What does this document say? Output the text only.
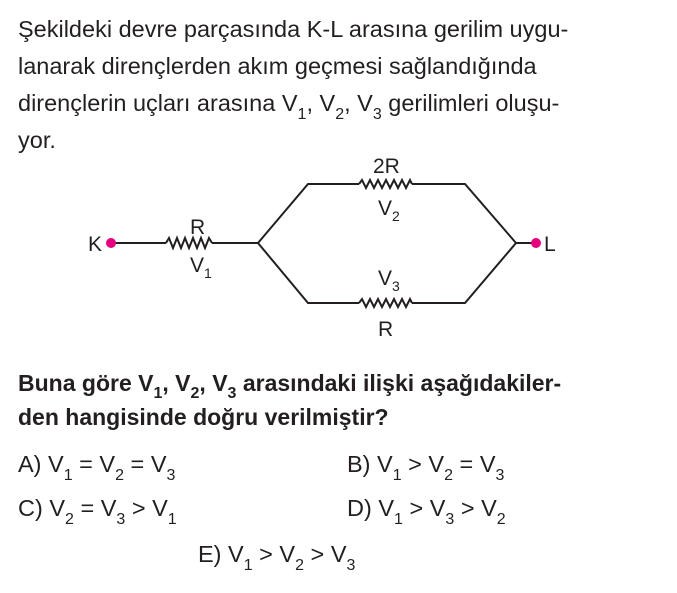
Şekildeki devre parçasında K-L arasına gerilim uygu-
lanarak dirençlerden akım geçmesi sağlandığında
dirençlerin uçları arasına $V_1$, $V_2$, $V_3$ gerilimleri oluşu-
yor.
K	L
R
$V_1$
2R
$V_2$
$V_3$
R
Buna göre $V_1$, $V_2$, $V_3$ arasındaki ilişki aşağıdakiler-
den hangisinde doğru verilmiştir?
A) $V_1 = V_2 = V_3$	B) $V_1 > V_2 = V_3$
C) $V_2 = V_3 > V_1$	D) $V_1 > V_3 > V_2$
E) $V_1 > V_2 > V_3$
